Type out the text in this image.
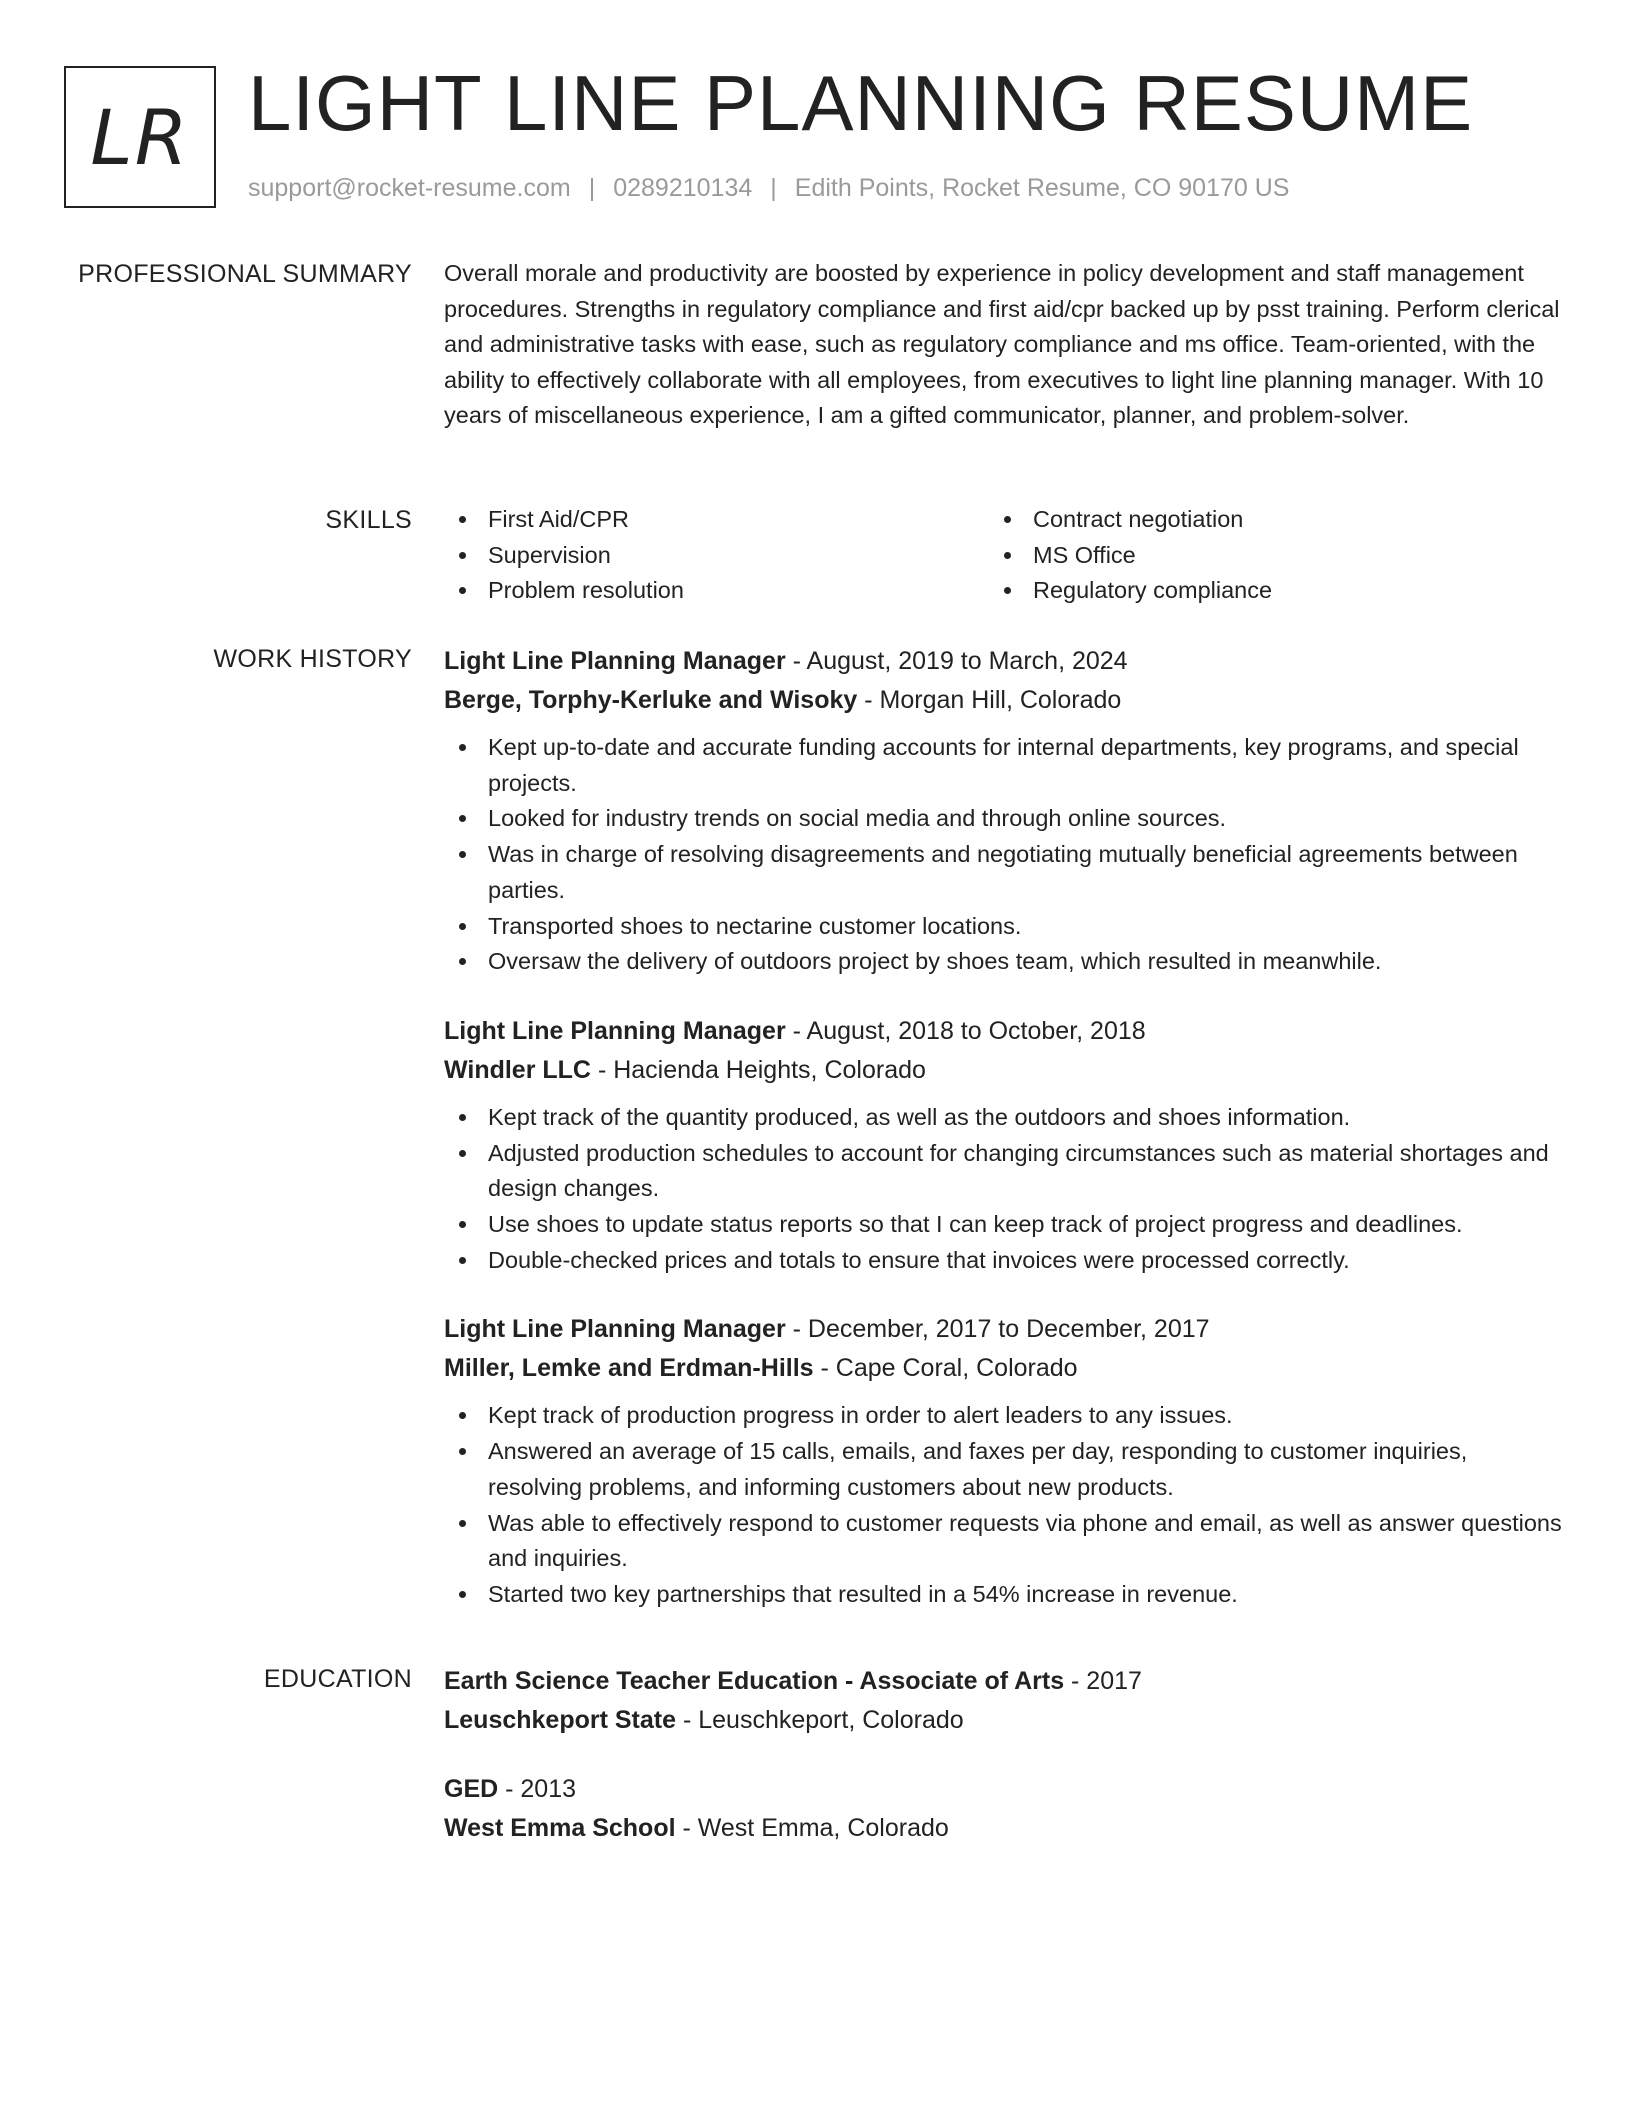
LR LIGHT LINE PLANNING RESUME
support@rocket-resume.com | 0289210134 | Edith Points, Rocket Resume, CO 90170 US
PROFESSIONAL SUMMARY Overall morale and productivity are boosted by experience in policy development and staff management procedures. Strengths in regulatory compliance and first aid/cpr backed up by psst training. Perform clerical and administrative tasks with ease, such as regulatory compliance and ms office. Team-oriented, with the ability to effectively collaborate with all employees, from executives to light line planning manager. With 10 years of miscellaneous experience, I am a gifted communicator, planner, and problem-solver.

SKILLS	First Aid/CPR
Supervision
Problem resolution
Contract negotiation
MS Office
Regulatory compliance
WORK HISTORY Light Line Planning Manager - August, 2019 to March, 2024
Berge, Torphy-Kerluke and Wisoky - Morgan Hill, Colorado
Kept up-to-date and accurate funding accounts for internal departments, key programs, and special projects.
Looked for industry trends on social media and through online sources.
Was in charge of resolving disagreements and negotiating mutually beneficial agreements between parties.
Transported shoes to nectarine customer locations.
Oversaw the delivery of outdoors project by shoes team, which resulted in meanwhile.
Light Line Planning Manager - August, 2018 to October, 2018
Windler LLC - Hacienda Heights, Colorado
Kept track of the quantity produced, as well as the outdoors and shoes information.
Adjusted production schedules to account for changing circumstances such as material shortages and design changes.
Use shoes to update status reports so that I can keep track of project progress and deadlines.
Double-checked prices and totals to ensure that invoices were processed correctly.
Light Line Planning Manager - December, 2017 to December, 2017
Miller, Lemke and Erdman-Hills - Cape Coral, Colorado
Kept track of production progress in order to alert leaders to any issues.
Answered an average of 15 calls, emails, and faxes per day, responding to customer inquiries, resolving problems, and informing customers about new products.
Was able to effectively respond to customer requests via phone and email, as well as answer questions and inquiries.
Started two key partnerships that resulted in a 54% increase in revenue.
EDUCATION Earth Science Teacher Education - Associate of Arts - 2017
Leuschkeport State - Leuschkeport, Colorado
GED - 2013
West Emma School - West Emma, Colorado
